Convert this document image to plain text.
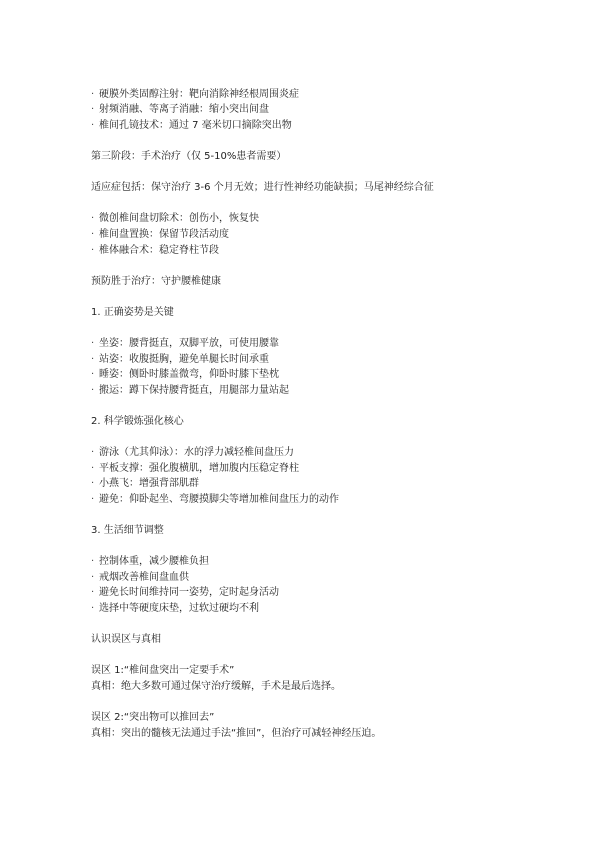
· 硬膜外类固醇注射：靶向消除神经根周围炎症
· 射频消融、等离子消融：缩小突出间盘
· 椎间孔镜技术：通过 7 毫米切口摘除突出物
第三阶段：手术治疗（仅 5-10%患者需要）
适应症包括：保守治疗 3-6 个月无效；进行性神经功能缺损；马尾神经综合征
· 微创椎间盘切除术：创伤小，恢复快
· 椎间盘置换：保留节段活动度
· 椎体融合术：稳定脊柱节段
预防胜于治疗：守护腰椎健康
1. 正确姿势是关键
· 坐姿：腰背挺直，双脚平放，可使用腰靠
· 站姿：收腹挺胸，避免单腿长时间承重
· 睡姿：侧卧时膝盖微弯，仰卧时膝下垫枕
· 搬运：蹲下保持腰背挺直，用腿部力量站起
2. 科学锻炼强化核心
· 游泳（尤其仰泳）：水的浮力减轻椎间盘压力
· 平板支撑：强化腹横肌，增加腹内压稳定脊柱
· 小燕飞：增强背部肌群
· 避免：仰卧起坐、弯腰摸脚尖等增加椎间盘压力的动作
3. 生活细节调整
· 控制体重，减少腰椎负担
· 戒烟改善椎间盘血供
· 避免长时间维持同一姿势，定时起身活动
· 选择中等硬度床垫，过软过硬均不利
认识误区与真相
误区 1:“椎间盘突出一定要手术”
真相：绝大多数可通过保守治疗缓解，手术是最后选择。
误区 2:“突出物可以推回去”
真相：突出的髓核无法通过手法“推回”，但治疗可减轻神经压迫。
